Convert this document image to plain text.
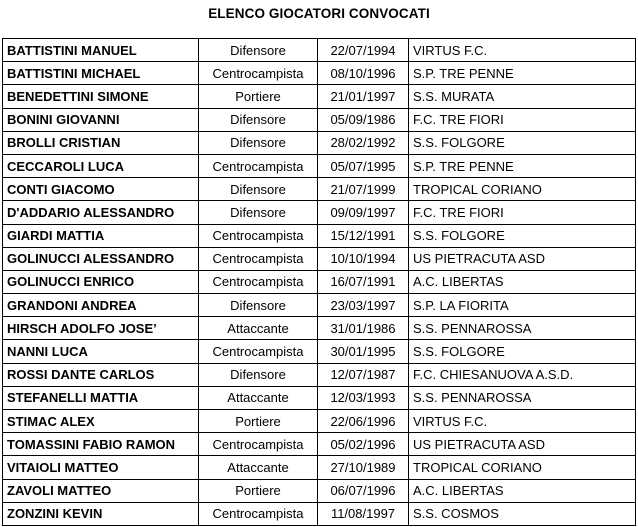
ELENCO GIOCATORI CONVOCATI
BATTISTINI MANUEL	Difensore	22/07/1994	VIRTUS F.C.
BATTISTINI MICHAEL	Centrocampista	08/10/1996	S.P. TRE PENNE
BENEDETTINI SIMONE	Portiere	21/01/1997	S.S. MURATA
BONINI GIOVANNI	Difensore	05/09/1986	F.C. TRE FIORI
BROLLI CRISTIAN	Difensore	28/02/1992	S.S. FOLGORE
CECCAROLI LUCA	Centrocampista	05/07/1995	S.P. TRE PENNE
CONTI GIACOMO	Difensore	21/07/1999	TROPICAL CORIANO
D'ADDARIO ALESSANDRO	Difensore	09/09/1997	F.C. TRE FIORI
GIARDI MATTIA	Centrocampista	15/12/1991	S.S. FOLGORE
GOLINUCCI ALESSANDRO	Centrocampista	10/10/1994	US PIETRACUTA ASD
GOLINUCCI ENRICO	Centrocampista	16/07/1991	A.C. LIBERTAS
GRANDONI ANDREA	Difensore	23/03/1997	S.P. LA FIORITA
HIRSCH ADOLFO JOSE’	Attaccante	31/01/1986	S.S. PENNAROSSA
NANNI LUCA	Centrocampista	30/01/1995	S.S. FOLGORE
ROSSI DANTE CARLOS	Difensore	12/07/1987	F.C. CHIESANUOVA A.S.D.
STEFANELLI MATTIA	Attaccante	12/03/1993	S.S. PENNAROSSA
STIMAC ALEX	Portiere	22/06/1996	VIRTUS F.C.
TOMASSINI FABIO RAMON	Centrocampista	05/02/1996	US PIETRACUTA ASD
VITAIOLI MATTEO	Attaccante	27/10/1989	TROPICAL CORIANO
ZAVOLI MATTEO	Portiere	06/07/1996	A.C. LIBERTAS
ZONZINI KEVIN	Centrocampista	11/08/1997	S.S. COSMOS
